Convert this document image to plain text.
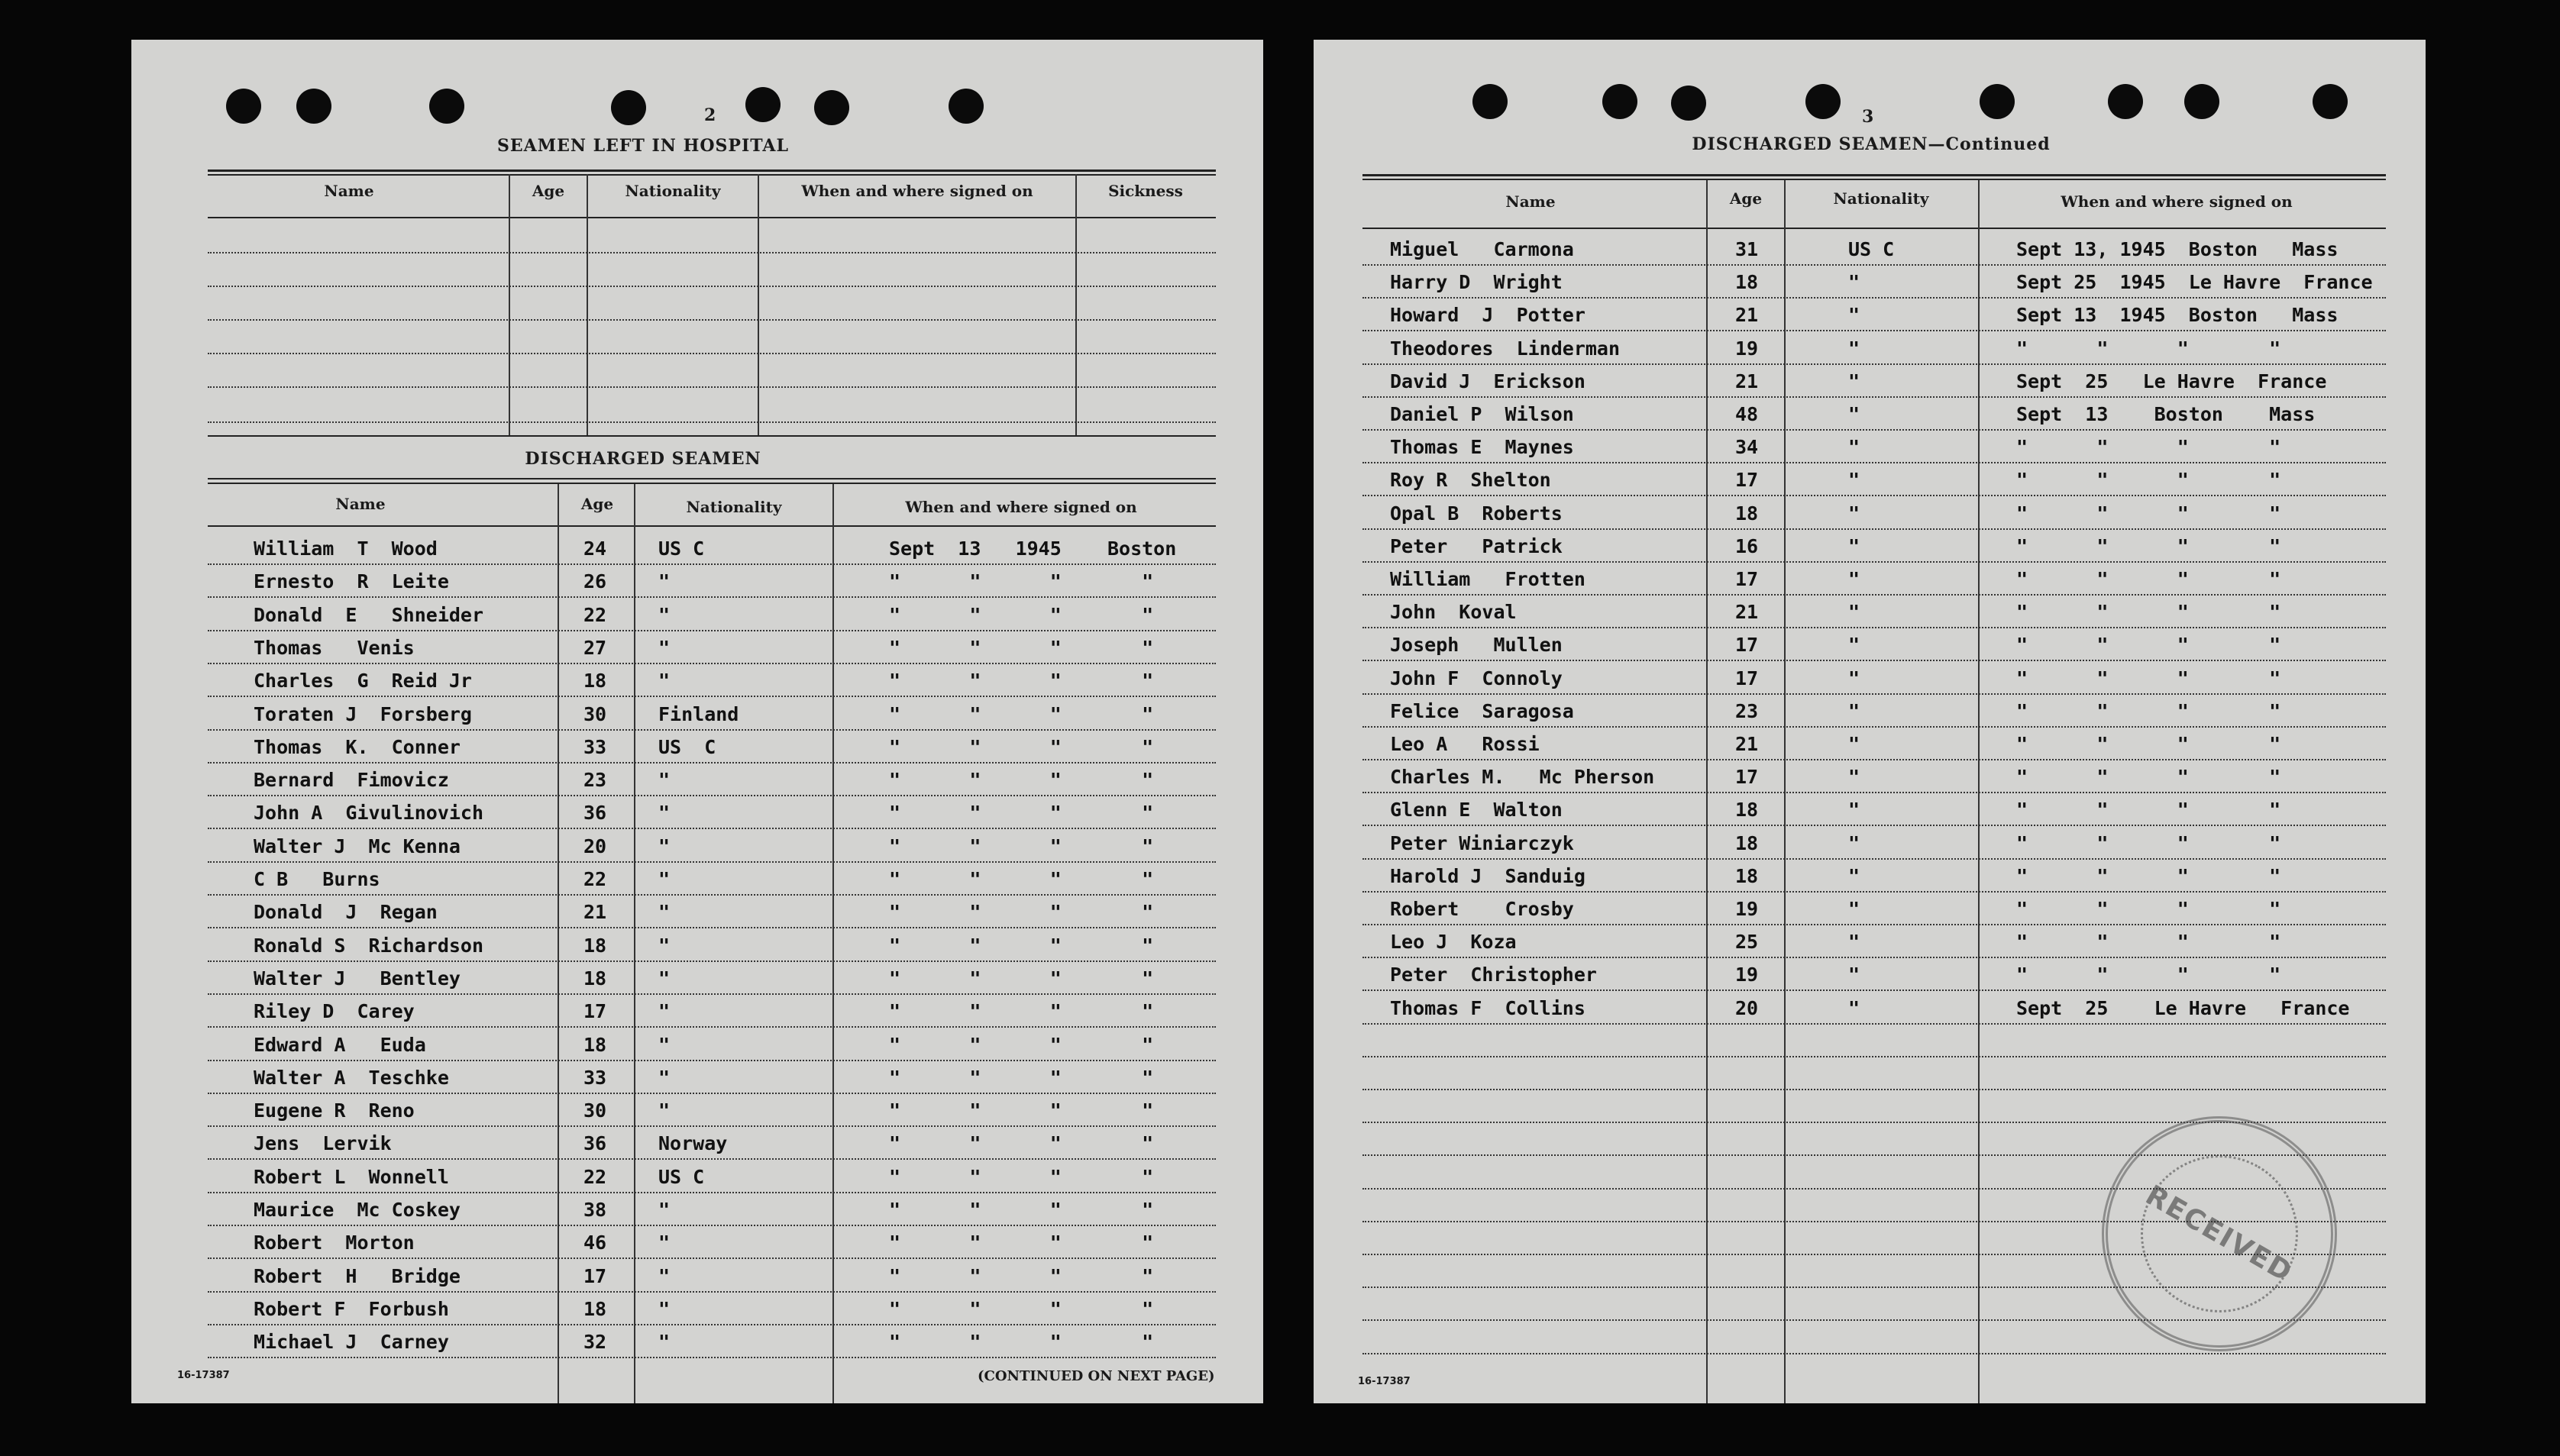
2
SEAMEN LEFT IN HOSPITAL
Name	Age	Nationality	When and where signed on	Sickness
DISCHARGED SEAMEN
Name	Age	Nationality	When and where signed on
William  T  Wood	24	US C	Sept  13   1945    Boston
Ernesto  R  Leite	26	"	"      "      "       "
Donald  E   Shneider	22	"	"      "      "       "
Thomas   Venis	27	"	"      "      "       "
Charles  G  Reid Jr	18	"	"      "      "       "
Toraten J  Forsberg	30	Finland	"      "      "       "
Thomas  K.  Conner	33	US  C	"      "      "       "
Bernard  Fimovicz	23	"	"      "      "       "
John A  Givulinovich	36	"	"      "      "       "
Walter J  Mc Kenna	20	"	"      "      "       "
C B   Burns	22	"	"      "      "       "
Donald  J  Regan	21	"	"      "      "       "
Ronald S  Richardson	18	"	"      "      "       "
Walter J   Bentley	18	"	"      "      "       "
Riley D  Carey	17	"	"      "      "       "
Edward A   Euda	18	"	"      "      "       "
Walter A  Teschke	33	"	"      "      "       "
Eugene R  Reno	30	"	"      "      "       "
Jens  Lervik	36	Norway	"      "      "       "
Robert L  Wonnell	22	US C	"      "      "       "
Maurice  Mc Coskey	38	"	"      "      "       "
Robert  Morton	46	"	"      "      "       "
Robert  H   Bridge	17	"	"      "      "       "
Robert F  Forbush	18	"	"      "      "       "
Michael J  Carney	32	"	"      "      "       "
16-17387	(CONTINUED ON NEXT PAGE)
3
DISCHARGED SEAMEN—Continued
Name	Age	Nationality	When and where signed on
Miguel   Carmona	31	US C	Sept 13, 1945  Boston   Mass
Harry D  Wright	18	"	Sept 25  1945  Le Havre  France
Howard  J  Potter	21	"	Sept 13  1945  Boston   Mass
Theodores  Linderman	19	"	"      "      "       "
David J  Erickson	21	"	Sept  25   Le Havre  France
Daniel P  Wilson	48	"	Sept  13    Boston    Mass
Thomas E  Maynes	34	"	"      "      "       "
Roy R  Shelton	17	"	"      "      "       "
Opal B  Roberts	18	"	"      "      "       "
Peter   Patrick	16	"	"      "      "       "
William   Frotten	17	"	"      "      "       "
John  Koval	21	"	"      "      "       "
Joseph   Mullen	17	"	"      "      "       "
John F  Connoly	17	"	"      "      "       "
Felice  Saragosa	23	"	"      "      "       "
Leo A   Rossi	21	"	"      "      "       "
Charles M.   Mc Pherson	17	"	"      "      "       "
Glenn E  Walton	18	"	"      "      "       "
Peter Winiarczyk	18	"	"      "      "       "
Harold J  Sanduig	18	"	"      "      "       "
Robert    Crosby	19	"	"      "      "       "
Leo J  Koza	25	"	"      "      "       "
Peter  Christopher	19	"	"      "      "       "
Thomas F  Collins	20	"	Sept  25    Le Havre   France
RECEIVED
16-17387
